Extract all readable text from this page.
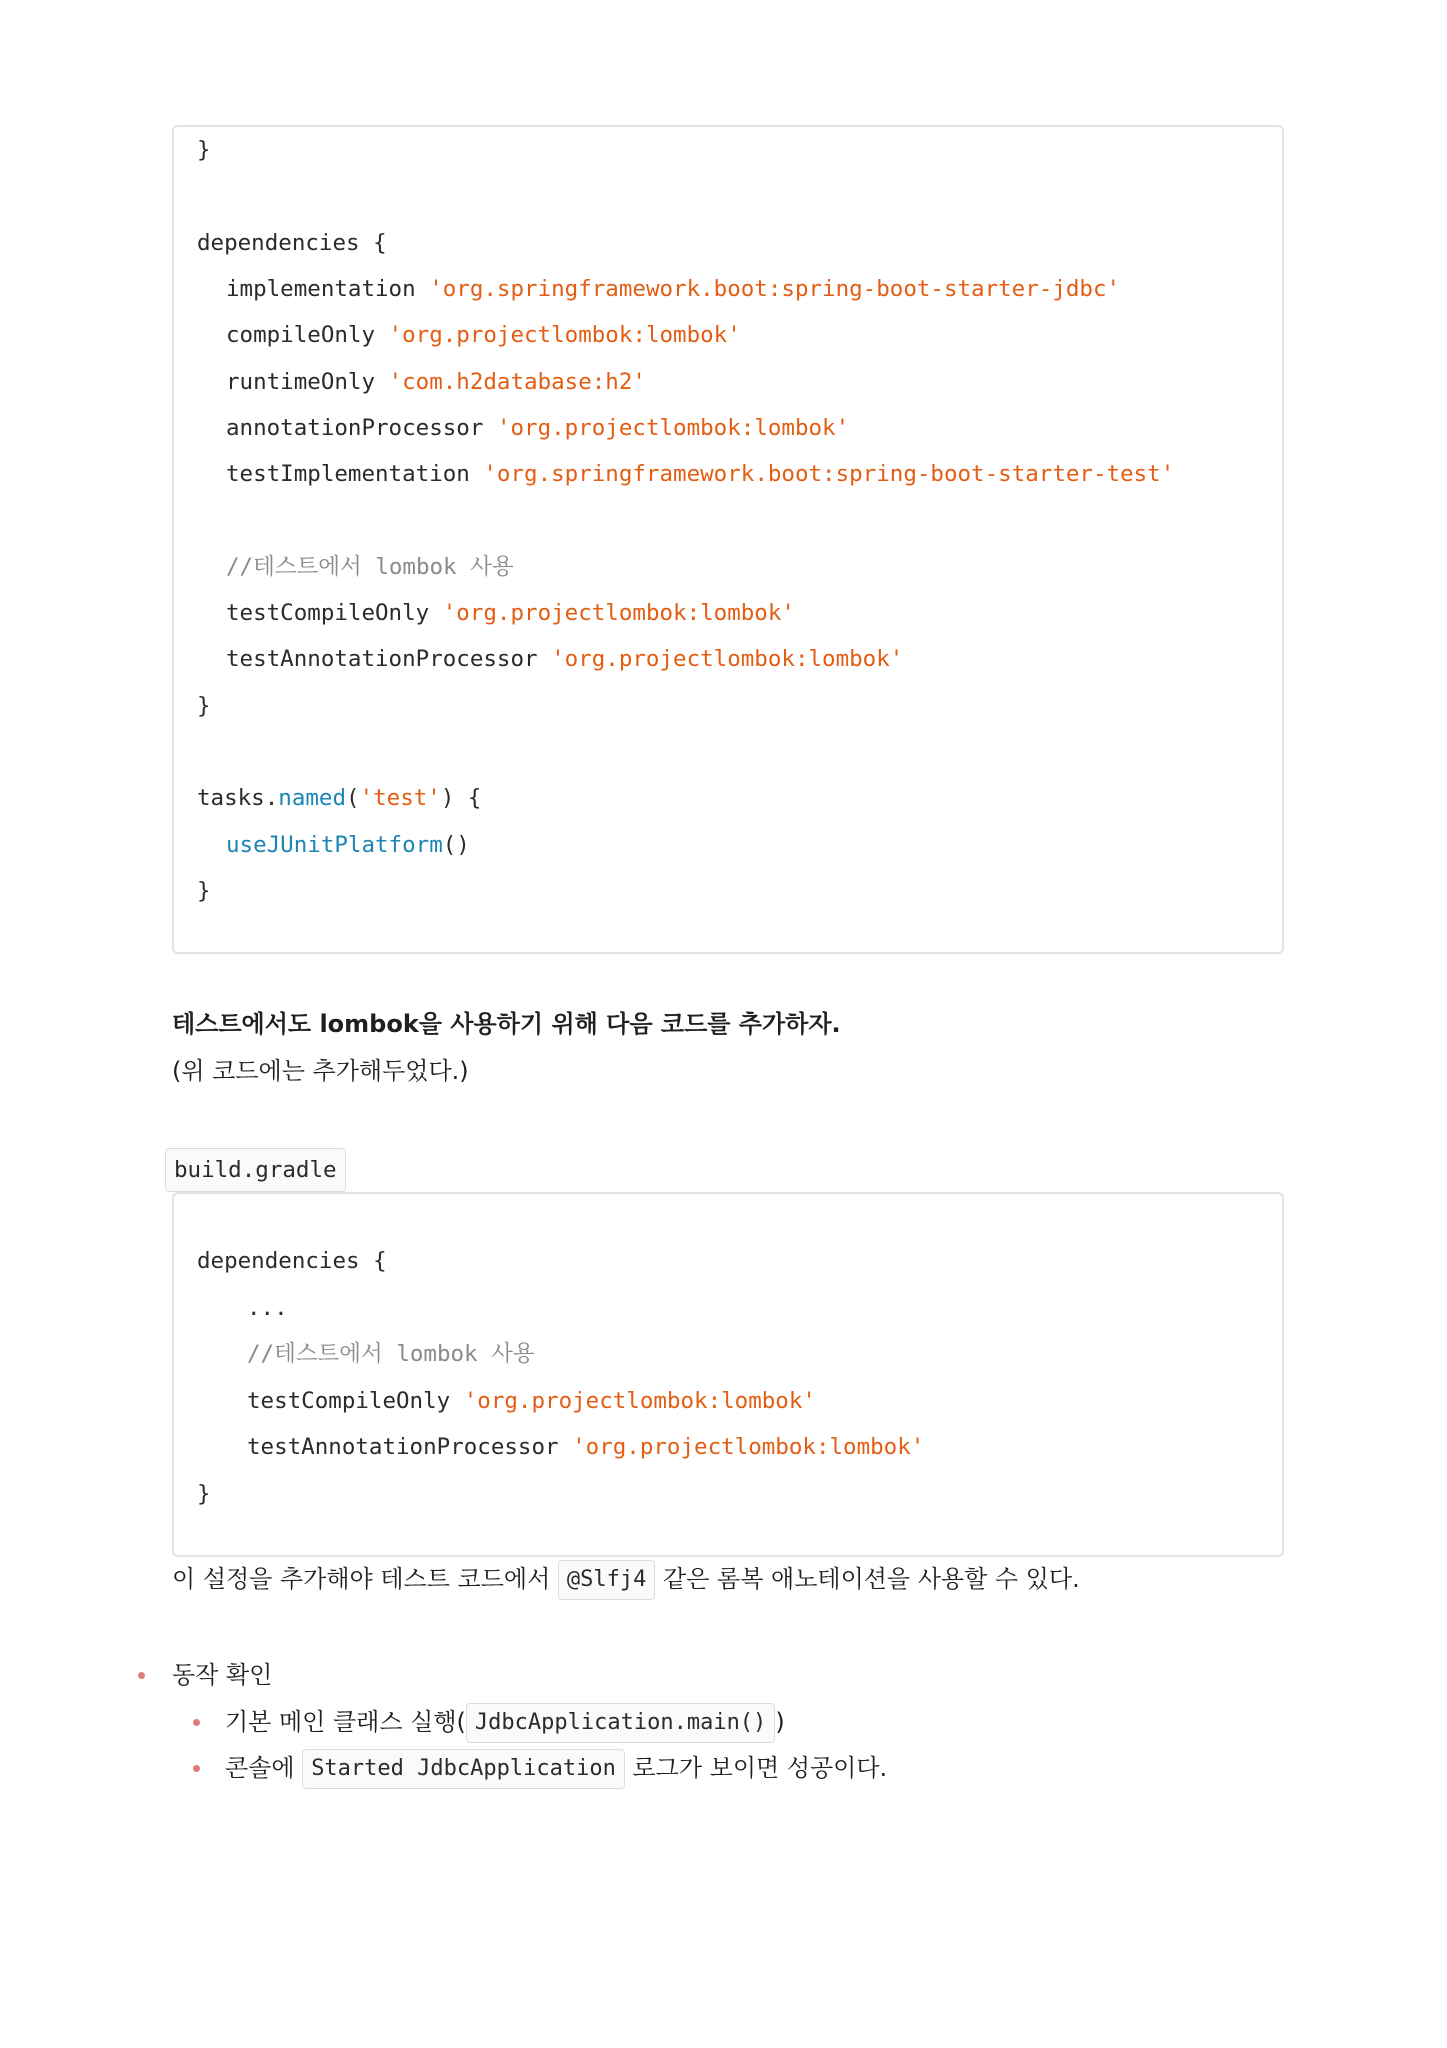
}
dependencies {
implementation 'org.springframework.boot:spring-boot-starter-jdbc'
compileOnly 'org.projectlombok:lombok'
runtimeOnly 'com.h2database:h2'
annotationProcessor 'org.projectlombok:lombok'
testImplementation 'org.springframework.boot:spring-boot-starter-test'
//테스트에서 lombok 사용
testCompileOnly 'org.projectlombok:lombok'
testAnnotationProcessor 'org.projectlombok:lombok'
}
tasks.named('test') {
useJUnitPlatform()
}
테스트에서도 lombok을 사용하기 위해 다음 코드를 추가하자.
(위 코드에는 추가해두었다.)
build.gradle
dependencies {
...
//테스트에서 lombok 사용
testCompileOnly 'org.projectlombok:lombok'
testAnnotationProcessor 'org.projectlombok:lombok'
}
이 설정을 추가해야 테스트 코드에서 @Slfj4 같은 롬복 애노테이션을 사용할 수 있다.
동작 확인
기본 메인 클래스 실행( JdbcApplication.main() )
콘솔에 Started JdbcApplication 로그가 보이면 성공이다.
